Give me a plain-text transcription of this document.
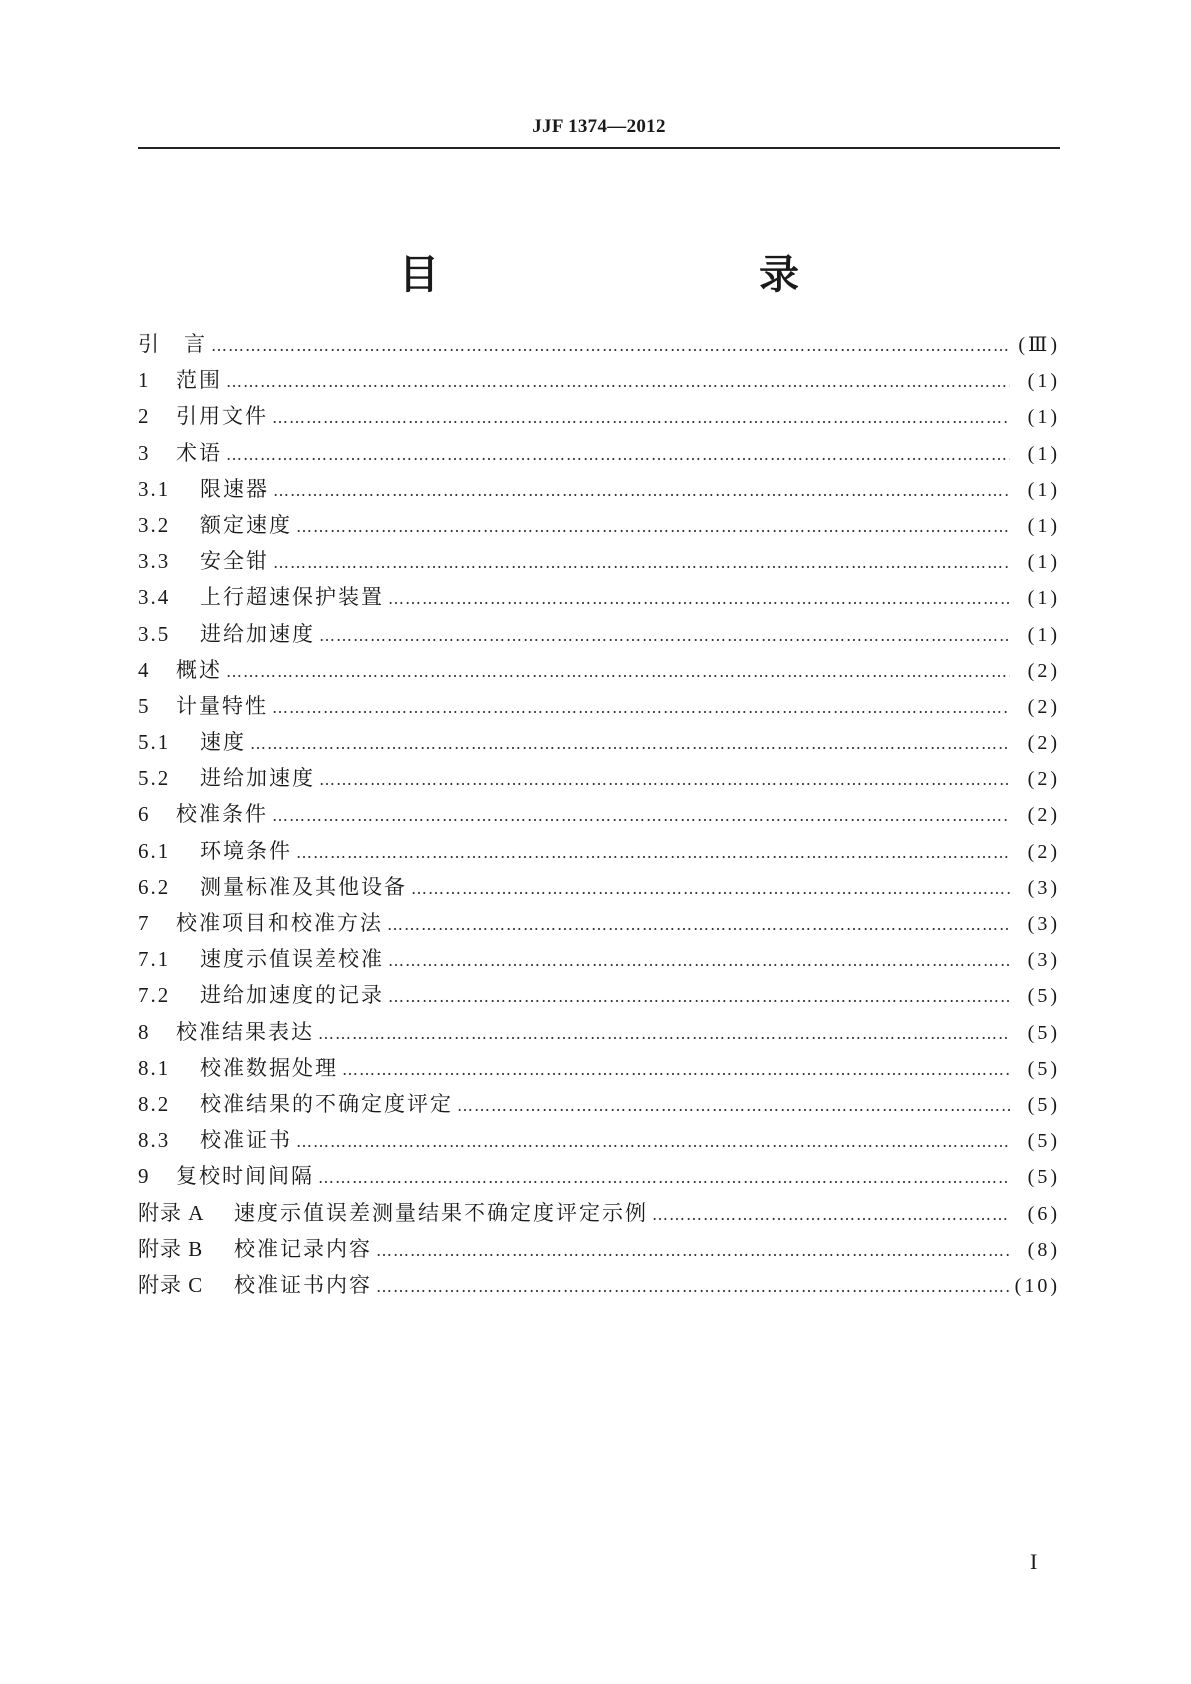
JJF 1374—2012
目　　录
引　言 …………………………………………………………………………………………………………………………………………………………………………………………………………………………	(Ⅲ)
1	范围 …………………………………………………………………………………………………………………………………………………………………………………………………………………………	(1)
2	引用文件 …………………………………………………………………………………………………………………………………………………………………………………………………………………………	(1)
3	术语 …………………………………………………………………………………………………………………………………………………………………………………………………………………………	(1)
3.1	限速器 …………………………………………………………………………………………………………………………………………………………………………………………………………………………	(1)
3.2	额定速度 …………………………………………………………………………………………………………………………………………………………………………………………………………………………	(1)
3.3	安全钳 …………………………………………………………………………………………………………………………………………………………………………………………………………………………	(1)
3.4	上行超速保护装置 …………………………………………………………………………………………………………………………………………………………………………………………………………………………	(1)
3.5	进给加速度 …………………………………………………………………………………………………………………………………………………………………………………………………………………………	(1)
4	概述 …………………………………………………………………………………………………………………………………………………………………………………………………………………………	(2)
5	计量特性 …………………………………………………………………………………………………………………………………………………………………………………………………………………………	(2)
5.1	速度 …………………………………………………………………………………………………………………………………………………………………………………………………………………………	(2)
5.2	进给加速度 …………………………………………………………………………………………………………………………………………………………………………………………………………………………	(2)
6	校准条件 …………………………………………………………………………………………………………………………………………………………………………………………………………………………	(2)
6.1	环境条件 …………………………………………………………………………………………………………………………………………………………………………………………………………………………	(2)
6.2	测量标准及其他设备 …………………………………………………………………………………………………………………………………………………………………………………………………………………………	(3)
7	校准项目和校准方法 …………………………………………………………………………………………………………………………………………………………………………………………………………………………	(3)
7.1	速度示值误差校准 …………………………………………………………………………………………………………………………………………………………………………………………………………………………	(3)
7.2	进给加速度的记录 …………………………………………………………………………………………………………………………………………………………………………………………………………………………	(5)
8	校准结果表达 …………………………………………………………………………………………………………………………………………………………………………………………………………………………	(5)
8.1	校准数据处理 …………………………………………………………………………………………………………………………………………………………………………………………………………………………	(5)
8.2	校准结果的不确定度评定 …………………………………………………………………………………………………………………………………………………………………………………………………………………………	(5)
8.3	校准证书 …………………………………………………………………………………………………………………………………………………………………………………………………………………………	(5)
9	复校时间间隔 …………………………………………………………………………………………………………………………………………………………………………………………………………………………	(5)
附录 A	速度示值误差测量结果不确定度评定示例 …………………………………………………………………………………………………………………………………………………………………………………………………………………………	(6)
附录 B	校准记录内容 …………………………………………………………………………………………………………………………………………………………………………………………………………………………	(8)
附录 C	校准证书内容 …………………………………………………………………………………………………………………………………………………………………………………………………………………………	(10)
I
